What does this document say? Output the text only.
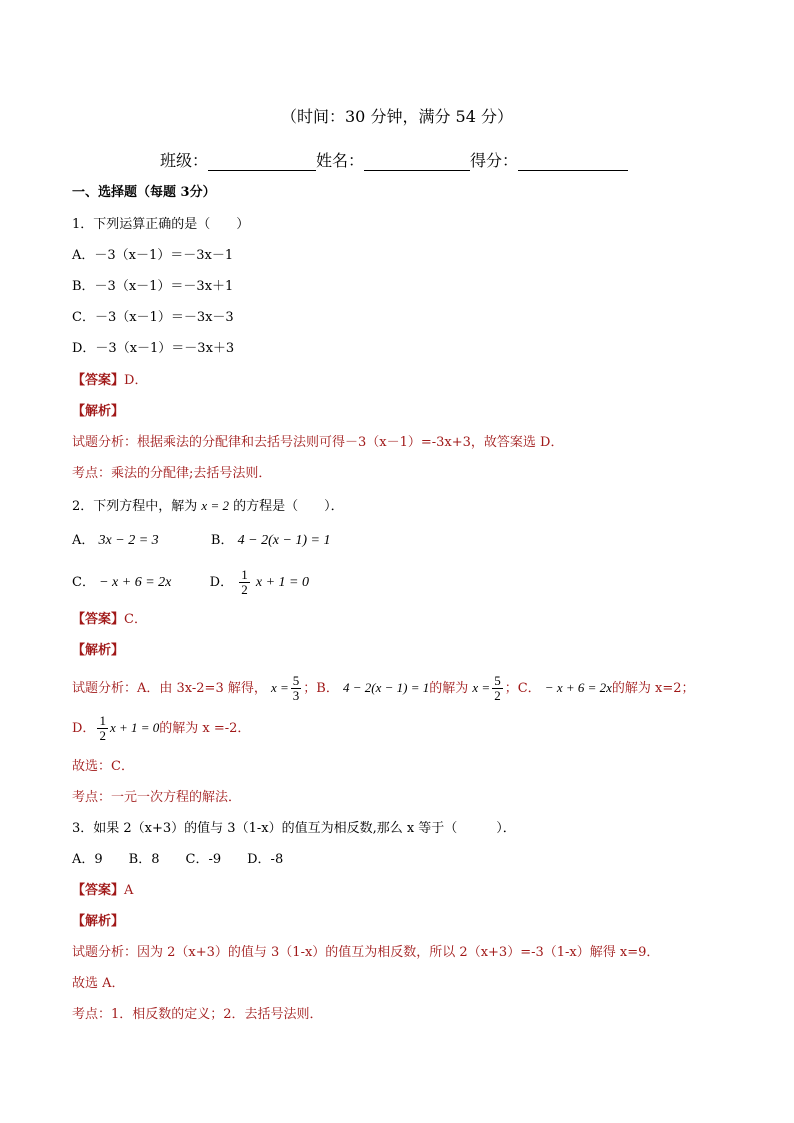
（时间：30 分钟，满分 54 分）
班级：	姓名：	得分：
一、选择题（每题 3分）
1．下列运算正确的是（　　）
A．－3（x－1）＝－3x－1
B．－3（x－1）＝－3x＋1
C．－3（x－1）＝－3x－3
D．－3（x－1）＝－3x＋3
【答案】D．
【解析】
试题分析：根据乘法的分配律和去括号法则可得－3（x－1）=-3x+3，故答案选 D．
考点：乘法的分配律;去括号法则．
2．下列方程中，解为 x = 2 的方程是（　　）．
A． 3x − 2 = 3	B． 4 − 2(x − 1) = 1
C． − x + 6 = 2x	D． $\frac{1}{2}$ x + 1 = 0
【答案】C．
【解析】
试题分析：A．由 3x-2=3 解得， $x = \frac{5}{3}$ ；B． 4 − 2(x − 1) = 1的解为 $x = \frac{5}{2}$ ；C． − x + 6 = 2x的解为 x=2；
D． $\frac{1}{2}$ x + 1 = 0的解为 x =-2．
故选：C．
考点：一元一次方程的解法．
3．如果 2（x+3）的值与 3（1-x）的值互为相反数,那么 x 等于（　　　）．
A．9 B．8 C．-9 D．-8
【答案】A
【解析】
试题分析：因为 2（x+3）的值与 3（1-x）的值互为相反数，所以 2（x+3）=-3（1-x）解得 x=9．
故选 A．
考点：1．相反数的定义；2．去括号法则．
